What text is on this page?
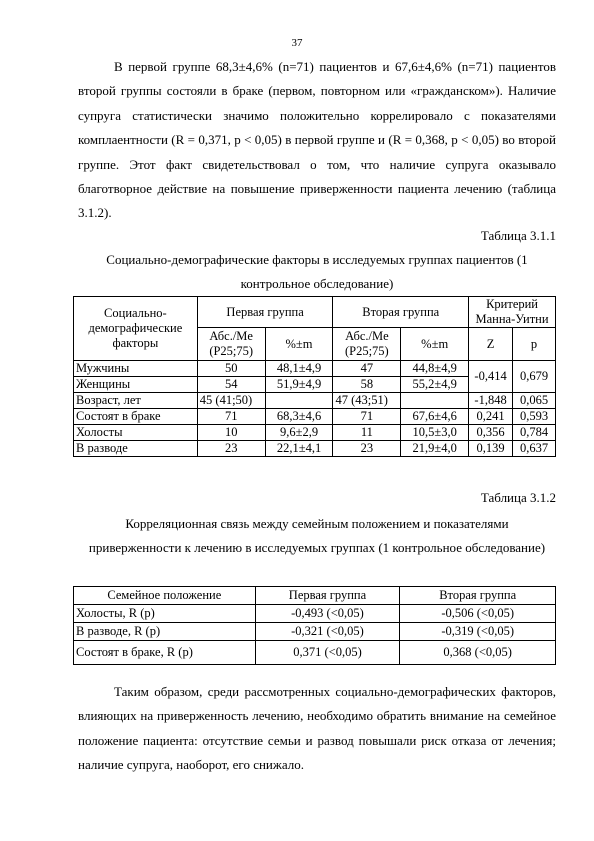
37

В первой группе 68,3±4,6% (n=71) пациентов и 67,6±4,6% (n=71) пациентов второй группы состояли в браке (первом, повторном или «гражданском»). Наличие супруга статистически значимо положительно коррелировало с показателями комплаентности (R = 0,371, p < 0,05) в первой группе и (R = 0,368, p < 0,05) во второй группе. Этот факт свидетельствовал о том, что наличие супруга оказывало благотворное действие на повышение приверженности пациента лечению (таблица 3.1.2).

Таблица 3.1.1

Социально-демографические факторы в исследуемых группах пациентов (1 контрольное обследование)

Социально-демографические факторы	Первая группа		Вторая группа		Критерий Манна-Уитни	
	Абс./Me (P25;75)	%±m	Абс./Me (P25;75)	%±m	Z	p
Мужчины	50	48,1±4,9	47	44,8±4,9	-0,414	0,679
Женщины	54	51,9±4,9	58	55,2±4,9		
Возраст, лет	45 (41;50)		47 (43;51)		-1,848	0,065
Состоят в браке	71	68,3±4,6	71	67,6±4,6	0,241	0,593
Холосты	10	9,6±2,9	11	10,5±3,0	0,356	0,784
В разводе	23	22,1±4,1	23	21,9±4,0	0,139	0,637
Таблица 3.1.2

Корреляционная связь между семейным положением и показателями приверженности к лечению в исследуемых группах (1 контрольное обследование)

Семейное положение	Первая группа	Вторая группа
Холосты, R (p)	-0,493 (<0,05)	-0,506 (<0,05)
В разводе, R (p)	-0,321 (<0,05)	-0,319 (<0,05)
Состоят в браке, R (p)	0,371 (<0,05)	0,368 (<0,05)

Таким образом, среди рассмотренных социально-демографических факторов, влияющих на приверженность лечению, необходимо обратить внимание на семейное положение пациента: отсутствие семьи и развод повышали риск отказа от лечения; наличие супруга, наоборот, его снижало.
